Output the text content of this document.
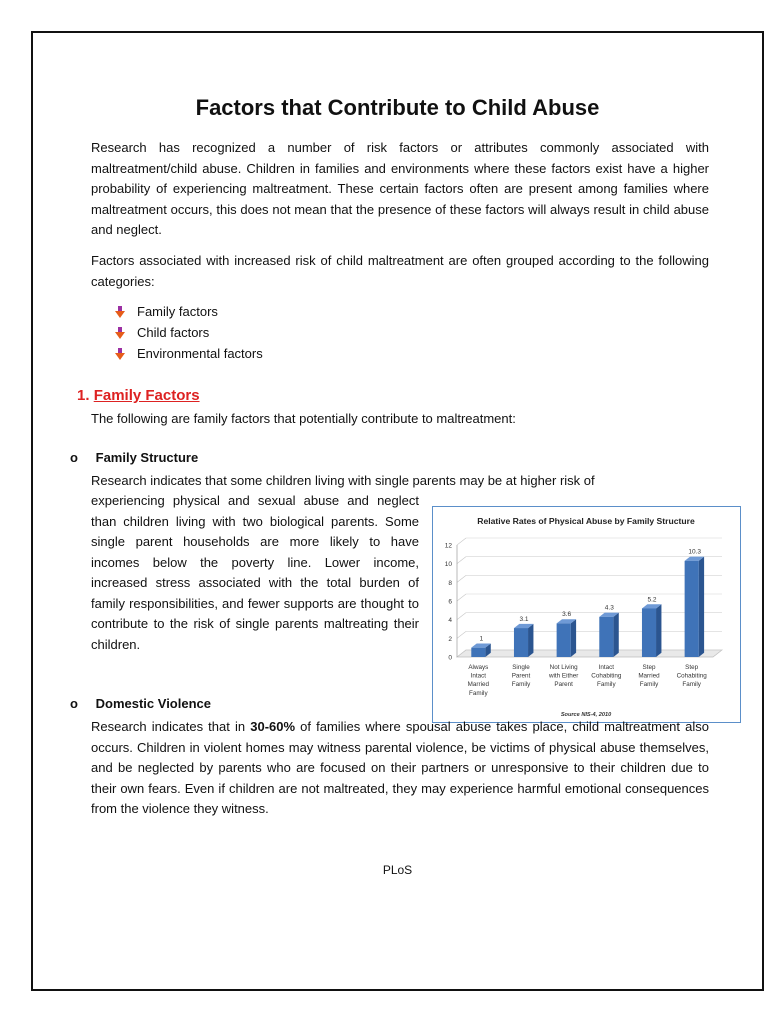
Factors that Contribute to Child Abuse

Research has recognized a number of risk factors or attributes commonly associated with maltreatment/child abuse. Children in families and environments where these factors exist have a higher probability of experiencing maltreatment. These certain factors often are present among families where maltreatment occurs, this does not mean that the presence of these factors will always result in child abuse and neglect.

Factors associated with increased risk of child maltreatment are often grouped according to the following categories:

Family factors
Child factors
Environmental factors
1. Family Factors

The following are family factors that potentially contribute to maltreatment:

o Family Structure

Research indicates that some children living with single parents may be at higher risk of

experiencing physical and sexual abuse and neglect than children living with two biological parents. Some single parent households are more likely to have incomes below the poverty line. Lower income, increased stress associated with the total burden of family responsibilities, and fewer supports are thought to contribute to the risk of single parents maltreating their children.

Relative Rates of Physical Abuse by Family Structure
0
2
4
6
8
10
12
1
Always
Intact
Married
Family
3.1
Single
Parent
Family
3.6
Not Living
with Either
Parent
4.3
Intact
Cohabiting
Family
5.2
Step
Married
Family
10.3
Step
Cohabiting
Family
Source NIS-4, 2010
o Domestic Violence

Research indicates that in 30-60% of families where spousal abuse takes place, child maltreatment also occurs. Children in violent homes may witness parental violence, be victims of physical abuse themselves, and be neglected by parents who are focused on their partners or unresponsive to their children due to their own fears. Even if children are not maltreated, they may experience harmful emotional consequences from the violence they witness.

PLoS
